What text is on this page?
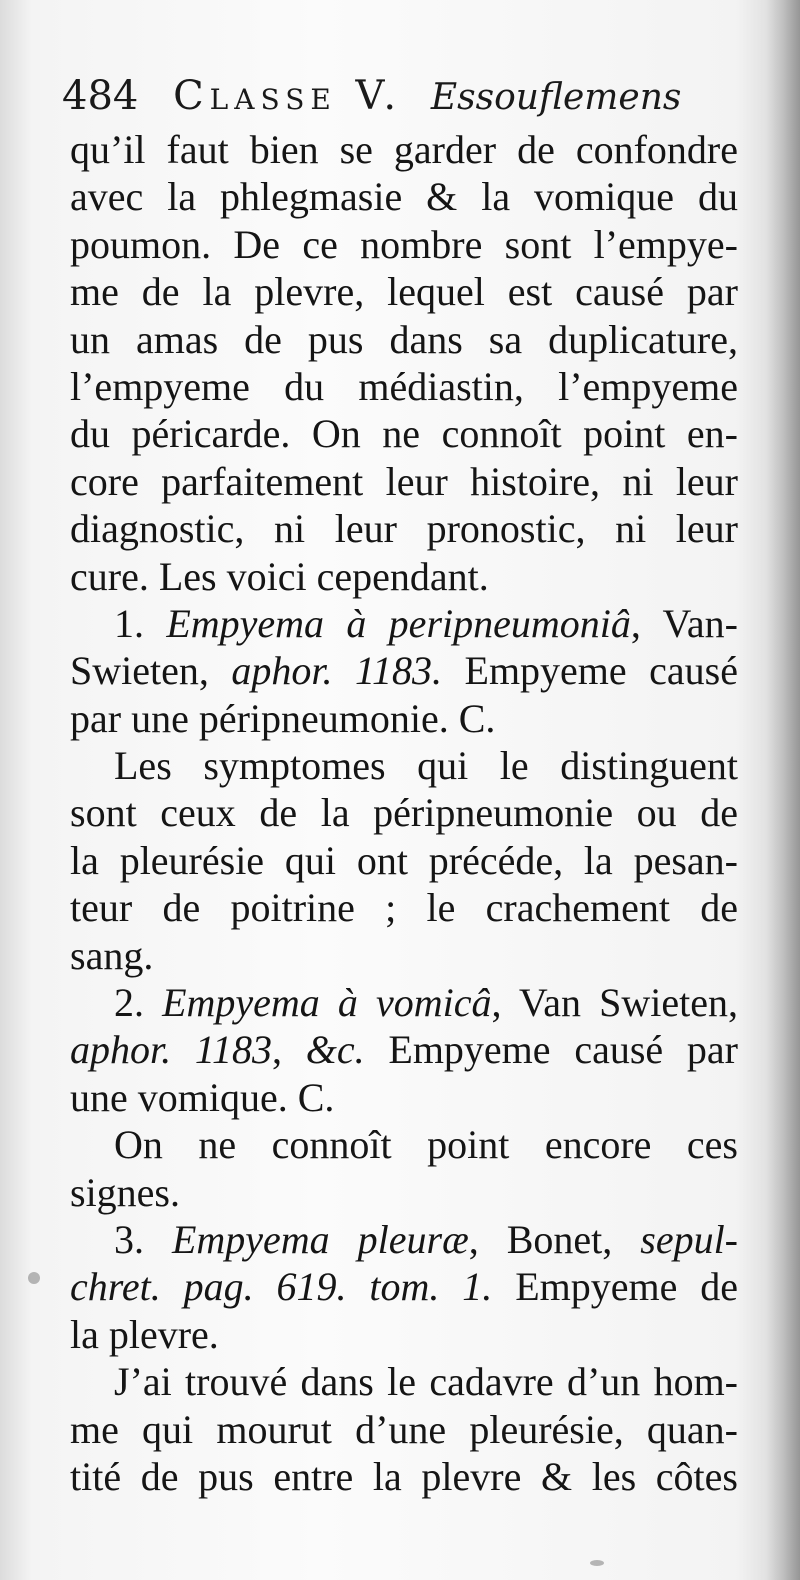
484 Classe V. Essouflemens
qu’il faut bien se garder de confondre
avec la phlegmasie & la vomique du
poumon. De ce nombre sont l’empye-
me de la plevre, lequel est causé par
un amas de pus dans sa duplicature,
l’empyeme du médiastin, l’empyeme
du péricarde. On ne connoît point en-
core parfaitement leur histoire, ni leur
diagnostic, ni leur pronostic, ni leur
cure. Les voici cependant.
1. Empyema à peripneumoniâ, Van-
Swieten, aphor. 1183. Empyeme causé
par une péripneumonie. C.
Les symptomes qui le distinguent
sont ceux de la péripneumonie ou de
la pleurésie qui ont précéde, la pesan-
teur de poitrine ; le crachement de
sang.
2. Empyema à vomicâ, Van Swieten,
aphor. 1183, &c. Empyeme causé par
une vomique. C.
On ne connoît point encore ces
signes.
3. Empyema pleuræ, Bonet, sepul-
chret. pag. 619. tom. 1. Empyeme de
la plevre.
J’ai trouvé dans le cadavre d’un hom-
me qui mourut d’une pleurésie, quan-
tité de pus entre la plevre & les côtes
